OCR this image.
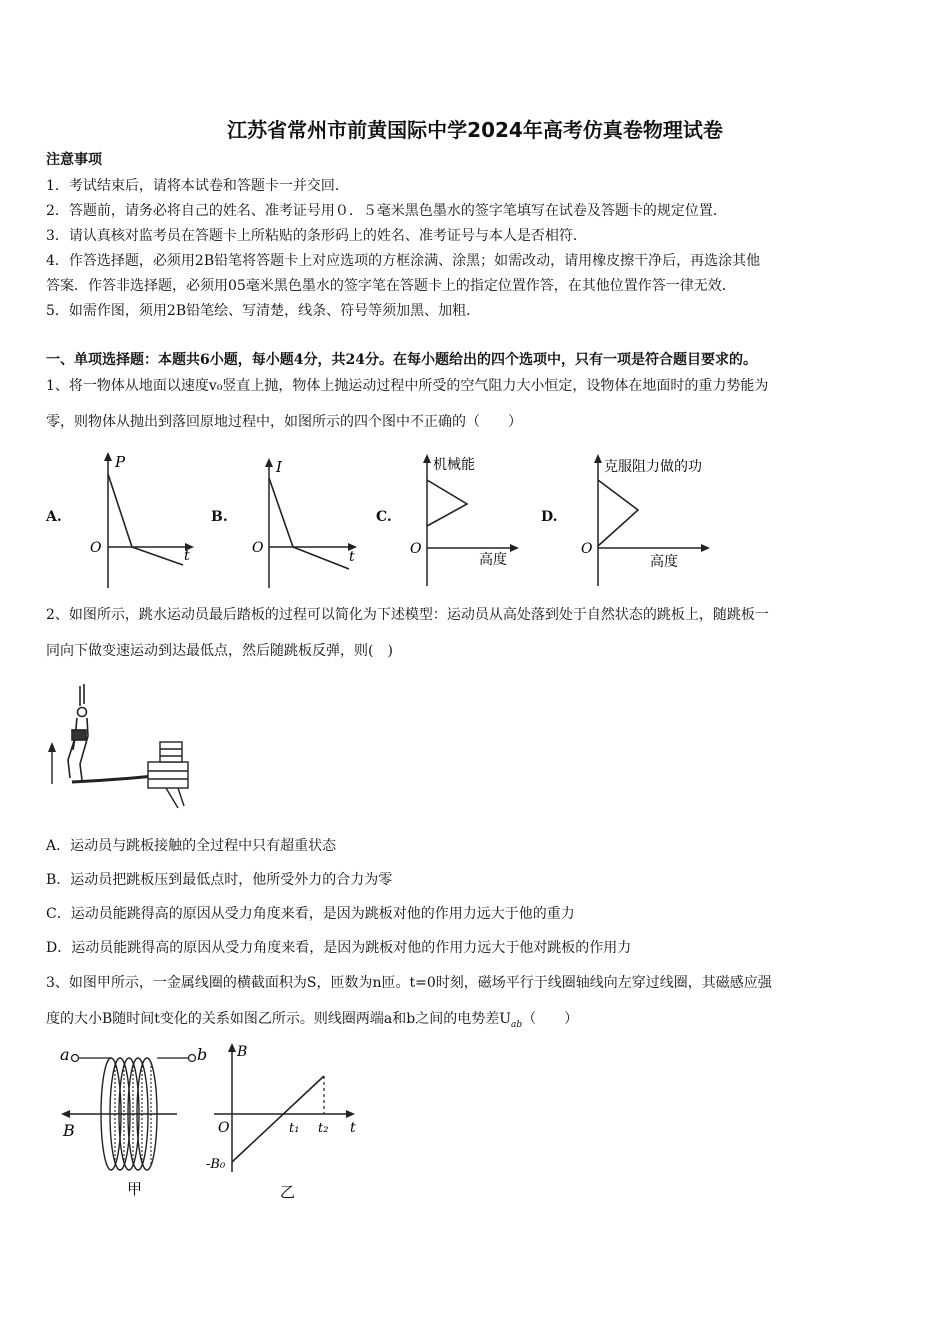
江苏省常州市前黄国际中学2024年高考仿真卷物理试卷
注意事项
1．考试结束后，请将本试卷和答题卡一并交回．
2．答题前，请务必将自己的姓名、准考证号用０．５毫米黑色墨水的签字笔填写在试卷及答题卡的规定位置．
3．请认真核对监考员在答题卡上所粘贴的条形码上的姓名、准考证号与本人是否相符．
4．作答选择题，必须用2B铅笔将答题卡上对应选项的方框涂满、涂黑；如需改动，请用橡皮擦干净后，再选涂其他
答案．作答非选择题，必须用05毫米黑色墨水的签字笔在答题卡上的指定位置作答，在其他位置作答一律无效．
5．如需作图，须用2B铅笔绘、写清楚，线条、符号等须加黑、加粗．
一、单项选择题：本题共6小题，每小题4分，共24分。在每小题给出的四个选项中，只有一项是符合题目要求的。
1、将一物体从地面以速度v₀竖直上抛，物体上抛运动过程中所受的空气阻力大小恒定，设物体在地面时的重力势能为
零，则物体从抛出到落回原地过程中，如图所示的四个图中不正确的（　　）
A.
P
t
O
B.
I
t
O
C.
机械能
高度
O
D.
克服阻力做的功
高度
O
2、如图所示，跳水运动员最后踏板的过程可以简化为下述模型：运动员从高处落到处于自然状态的跳板上，随跳板一
同向下做变速运动到达最低点，然后随跳板反弹，则(　)
A．运动员与跳板接触的全过程中只有超重状态
B．运动员把跳板压到最低点时，他所受外力的合力为零
C．运动员能跳得高的原因从受力角度来看，是因为跳板对他的作用力远大于他的重力
D．运动员能跳得高的原因从受力角度来看，是因为跳板对他的作用力远大于他对跳板的作用力
3、如图甲所示，一金属线圈的横截面积为S，匝数为n匝。t=0时刻，磁场平行于线圈轴线向左穿过线圈，其磁感应强
度的大小B随时间t变化的关系如图乙所示。则线圈两端a和b之间的电势差$U_{ab}$（　　）
a	b
B
甲
B
t
O	t₁ t₂
-B₀
乙
